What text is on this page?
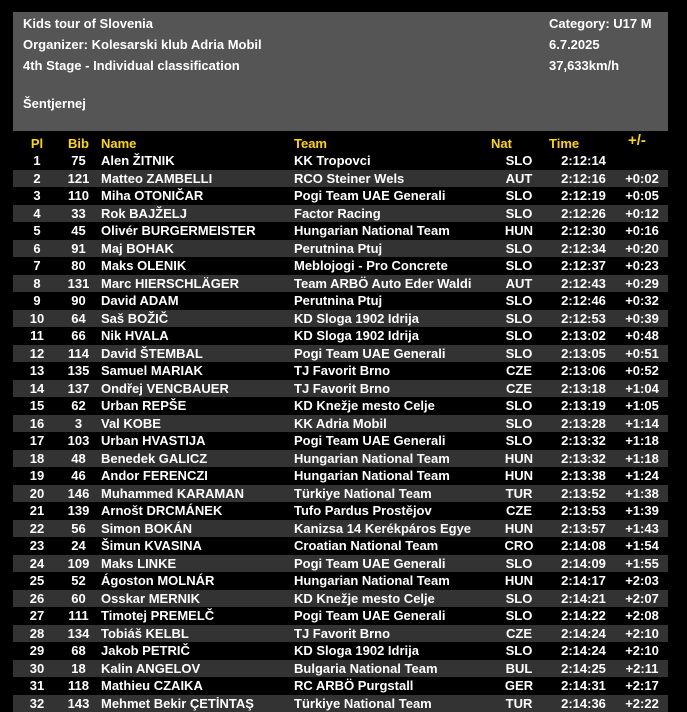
Kids tour of Slovenia
Organizer: Kolesarski klub Adria Mobil
4th Stage - Individual classification
Šentjernej
Category: U17 M
6.7.2025
37,633km/h
Pl	Bib Name	Team	Nat	Time	+/-
1	75	Alen ŽITNIK	KK Tropovci	SLO	2:12:14
2	121 Matteo ZAMBELLI	RCO Steiner Wels	AUT	2:12:16	+0:02
3	110 Miha OTONIČAR	Pogi Team UAE Generali	SLO	2:12:19	+0:05
4	33	Rok BAJŽELJ	Factor Racing	SLO	2:12:26	+0:12
5	45	Olivér BURGERMEISTER	Hungarian National Team	HUN	2:12:30	+0:16
6	91	Maj BOHAK	Perutnina Ptuj	SLO	2:12:34	+0:20
7	80	Maks OLENIK	Meblojogi - Pro Concrete	SLO	2:12:37	+0:23
8	131 Marc HIERSCHLÄGER	Team ARBÖ Auto Eder Waldi	AUT	2:12:43	+0:29
9	90	David ADAM	Perutnina Ptuj	SLO	2:12:46	+0:32
10	64	Saš BOŽIČ	KD Sloga 1902 Idrija	SLO	2:12:53	+0:39
11	66	Nik HVALA	KD Sloga 1902 Idrija	SLO	2:13:02	+0:48
12	114 David ŠTEMBAL	Pogi Team UAE Generali	SLO	2:13:05	+0:51
13	135 Samuel MARIAK	TJ Favorit Brno	CZE	2:13:06	+0:52
14	137 Ondřej VENCBAUER	TJ Favorit Brno	CZE	2:13:18	+1:04
15	62	Urban REPŠE	KD Knežje mesto Celje	SLO	2:13:19	+1:05
16	3	Val KOBE	KK Adria Mobil	SLO	2:13:28	+1:14
17	103 Urban HVASTIJA	Pogi Team UAE Generali	SLO	2:13:32	+1:18
18	48	Benedek GALICZ	Hungarian National Team	HUN	2:13:32	+1:18
19	46	Andor FERENCZI	Hungarian National Team	HUN	2:13:38	+1:24
20	146 Muhammed KARAMAN	Türkiye National Team	TUR	2:13:52	+1:38
21	139 Arnošt DRCMÁNEK	Tufo Pardus Prostějov	CZE	2:13:53	+1:39
22	56	Simon BOKÁN	Kanizsa 14 Kerékpáros Egye	HUN	2:13:57	+1:43
23	24	Šimun KVASINA	Croatian National Team	CRO	2:14:08	+1:54
24	109 Maks LINKE	Pogi Team UAE Generali	SLO	2:14:09	+1:55
25	52	Ágoston MOLNÁR	Hungarian National Team	HUN	2:14:17	+2:03
26	60	Osskar MERNIK	KD Knežje mesto Celje	SLO	2:14:21	+2:07
27	111 Timotej PREMELČ	Pogi Team UAE Generali	SLO	2:14:22	+2:08
28	134 Tobiáš KELBL	TJ Favorit Brno	CZE	2:14:24	+2:10
29	68	Jakob PETRIČ	KD Sloga 1902 Idrija	SLO	2:14:24	+2:10
30	18	Kalin ANGELOV	Bulgaria National Team	BUL	2:14:25	+2:11
31	118 Mathieu CZAIKA	RC ARBÖ Purgstall	GER	2:14:31	+2:17
32	143 Mehmet Bekir ÇETİNTAŞ	Türkiye National Team	TUR	2:14:36	+2:22
